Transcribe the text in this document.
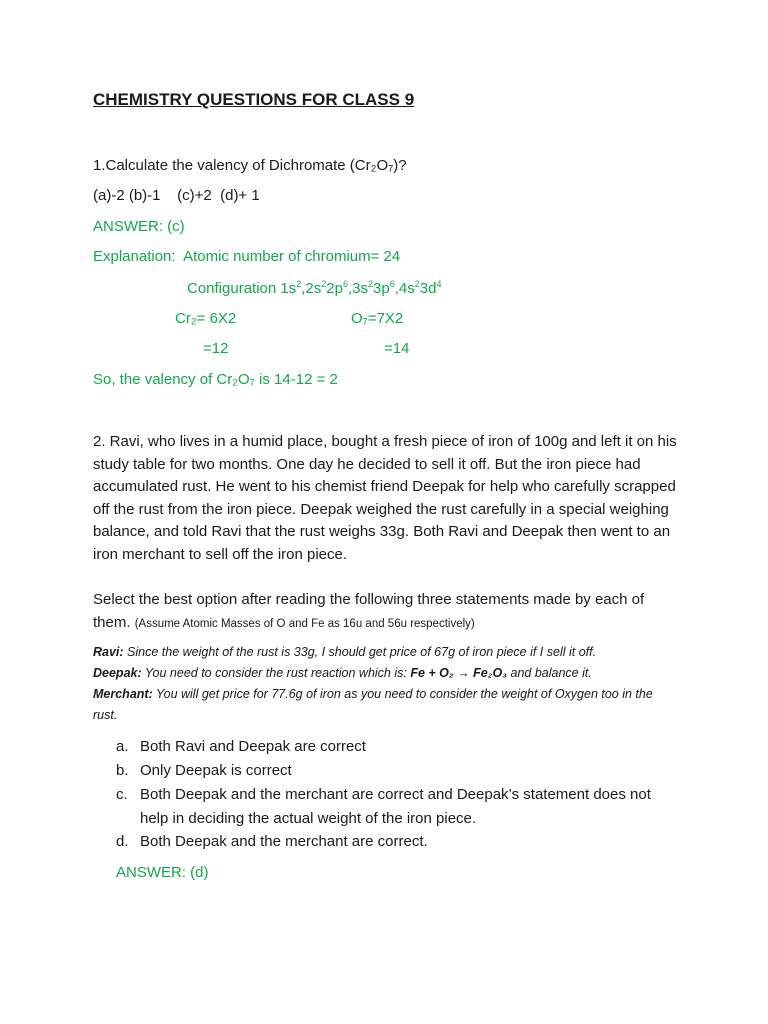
CHEMISTRY QUESTIONS FOR CLASS 9
1.Calculate the valency of Dichromate (Cr₂O₇)?
(a)-2 (b)-1    (c)+2  (d)+ 1
ANSWER: (c)
Explanation:  Atomic number of chromium= 24
Configuration $1s^2,2s^22p^6,3s^23p^6,4s^23d^4$
Cr₂= 6X2	O₇=7X2
=12	=14
So, the valency of Cr₂O₇ is 14-12 = 2
2. Ravi, who lives in a humid place, bought a fresh piece of iron of 100g and left it on his study table for two months. One day he decided to sell it off. But the iron piece had accumulated rust. He went to his chemist friend Deepak for help who carefully scrapped off the rust from the iron piece. Deepak weighed the rust carefully in a special weighing balance, and told Ravi that the rust weighs 33g. Both Ravi and Deepak then went to an iron merchant to sell off the iron piece.
Select the best option after reading the following three statements made by each of them. (Assume Atomic Masses of O and Fe as 16u and 56u respectively)
Ravi: Since the weight of the rust is 33g, I should get price of 67g of iron piece if I sell it off.
Deepak: You need to consider the rust reaction which is: Fe + O₂ → Fe₂O₃ and balance it.
Merchant: You will get price for 77.6g of iron as you need to consider the weight of Oxygen too in the rust.
a. Both Ravi and Deepak are correct
b. Only Deepak is correct
c. Both Deepak and the merchant are correct and Deepak’s statement does not help in deciding the actual weight of the iron piece.
d. Both Deepak and the merchant are correct.
ANSWER: (d)
